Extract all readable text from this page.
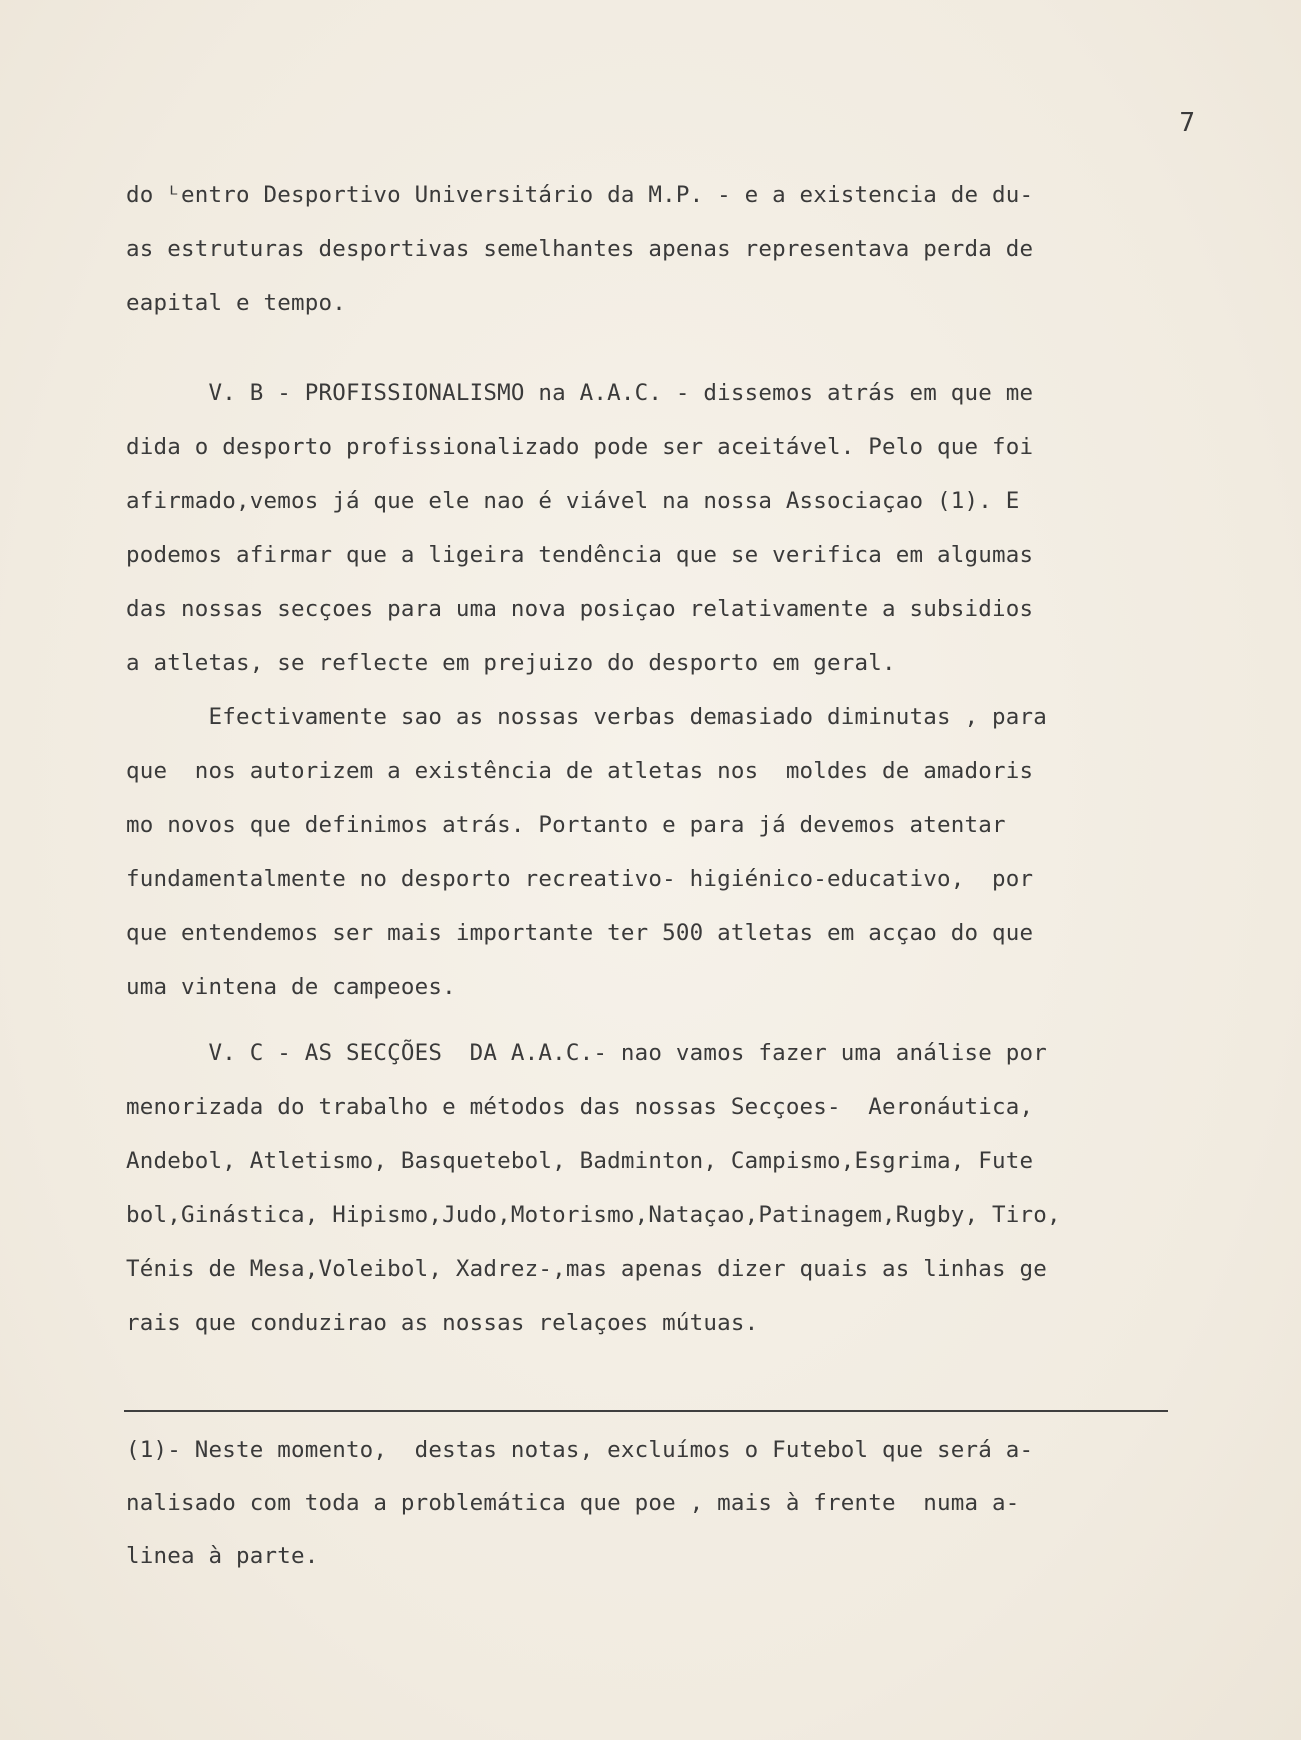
7
do ᴸentro Desportivo Universitário da M.P. - e a existencia de du-
as estruturas desportivas semelhantes apenas representava perda de
eapital e tempo.
V. B - PROFISSIONALISMO na A.A.C. - dissemos atrás em que me
dida o desporto profissionalizado pode ser aceitável. Pelo que foi
afirmado,vemos já que ele nao é viável na nossa Associaçao (1). E
podemos afirmar que a ligeira tendência que se verifica em algumas
das nossas secçoes para uma nova posiçao relativamente a subsidios
a atletas, se reflecte em prejuizo do desporto em geral.
Efectivamente sao as nossas verbas demasiado diminutas , para
que  nos autorizem a existência de atletas nos  moldes de amadoris
mo novos que definimos atrás. Portanto e para já devemos atentar
fundamentalmente no desporto recreativo- higiénico-educativo,  por
que entendemos ser mais importante ter 500 atletas em acçao do que
uma vintena de campeoes.
V. C - AS SECÇÕES  DA A.A.C.- nao vamos fazer uma análise por
menorizada do trabalho e métodos das nossas Secçoes-  Aeronáutica,
Andebol, Atletismo, Basquetebol, Badminton, Campismo,Esgrima, Fute
bol,Ginástica, Hipismo,Judo,Motorismo,Nataçao,Patinagem,Rugby, Tiro,
Ténis de Mesa,Voleibol, Xadrez-,mas apenas dizer quais as linhas ge
rais que conduzirao as nossas relaçoes mútuas.
(1)- Neste momento,  destas notas, excluímos o Futebol que será a-
nalisado com toda a problemática que poe , mais à frente  numa a-
linea à parte.
